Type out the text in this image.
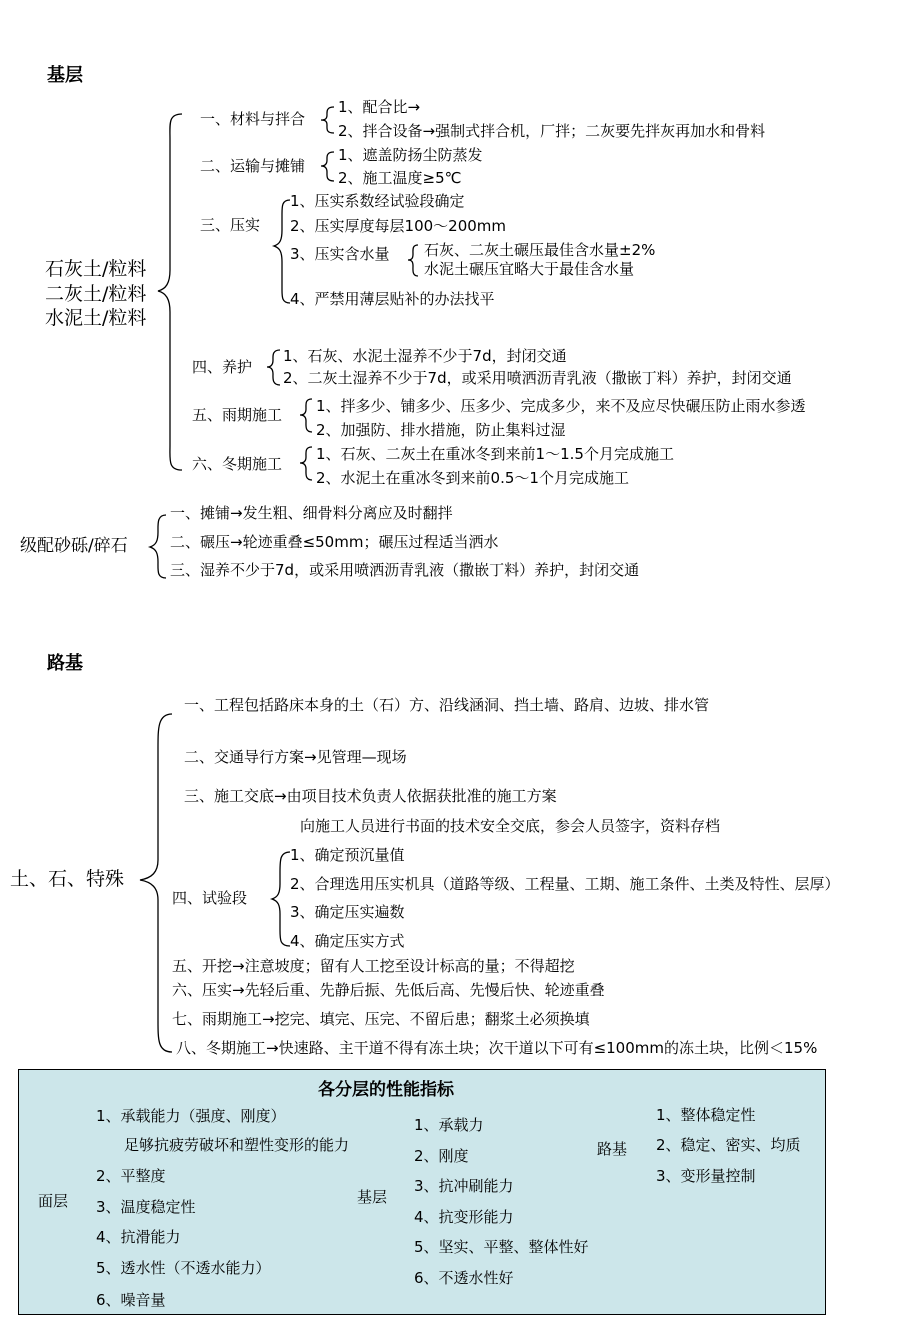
基层
石灰土/粒料
二灰土/粒料
水泥土/粒料
一、材料与拌合
1、配合比→
2、拌合设备→强制式拌合机，厂拌；二灰要先拌灰再加水和骨料
二、运输与摊铺
1、遮盖防扬尘防蒸发
2、施工温度≥5℃
三、压实
1、压实系数经试验段确定
2、压实厚度每层100～200mm
3、压实含水量 石灰、二灰土碾压最佳含水量±2%
水泥土碾压宜略大于最佳含水量
4、严禁用薄层贴补的办法找平
四、养护
1、石灰、水泥土湿养不少于7d，封闭交通
2、二灰土湿养不少于7d，或采用喷洒沥青乳液（撒嵌丁料）养护，封闭交通
五、雨期施工 1、拌多少、铺多少、压多少、完成多少，来不及应尽快碾压防止雨水参透
2、加强防、排水措施，防止集料过湿
六、冬期施工
1、石灰、二灰土在重冰冬到来前1～1.5个月完成施工
2、水泥土在重冰冬到来前0.5～1个月完成施工
级配砂砾/碎石
一、摊铺→发生粗、细骨料分离应及时翻拌
二、碾压→轮迹重叠≤50mm；碾压过程适当洒水
三、湿养不少于7d，或采用喷洒沥青乳液（撒嵌丁料）养护，封闭交通
路基
土、石、特殊
一、工程包括路床本身的土（石）方、沿线涵洞、挡土墙、路肩、边坡、排水管
二、交通导行方案→见管理—现场
三、施工交底→由项目技术负责人依据获批准的施工方案
向施工人员进行书面的技术安全交底，参会人员签字，资料存档
四、试验段
1、确定预沉量值
2、合理选用压实机具（道路等级、工程量、工期、施工条件、土类及特性、层厚）
3、确定压实遍数
4、确定压实方式
五、开挖→注意坡度；留有人工挖至设计标高的量；不得超挖
六、压实→先轻后重、先静后振、先低后高、先慢后快、轮迹重叠
七、雨期施工→挖完、填完、压完、不留后患；翻浆土必须换填
八、冬期施工→快速路、主干道不得有冻土块；次干道以下可有≤100mm的冻土块，比例＜15%
各分层的性能指标
面层
1、承载能力（强度、刚度）
足够抗疲劳破坏和塑性变形的能力
2、平整度
3、温度稳定性
4、抗滑能力
5、透水性（不透水能力）
6、噪音量
基层
1、承载力
2、刚度
3、抗冲刷能力
4、抗变形能力
5、坚实、平整、整体性好
6、不透水性好
路基
1、整体稳定性
2、稳定、密实、均质
3、变形量控制
